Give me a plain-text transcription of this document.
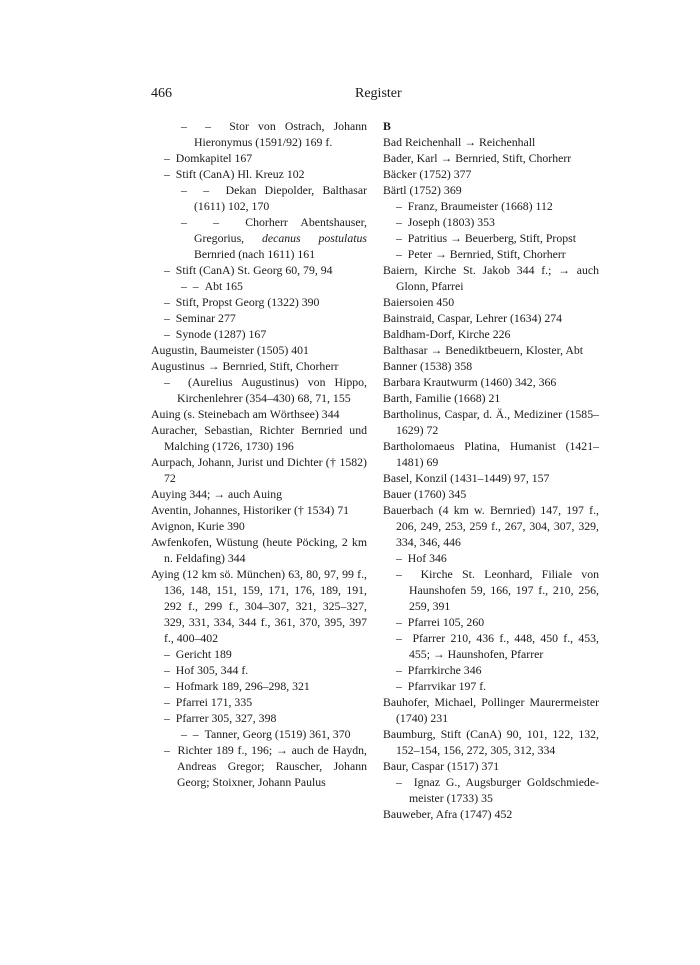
466	Register
–  –  Stor von Ostrach, Johann Hieronymus (1591/92) 169 f.
–  Domkapitel 167
–  Stift (CanA) Hl. Kreuz 102
–  –  Dekan Diepolder, Balthasar (1611) 102, 170
–  –  Chorherr Abentshauser, Gregorius, decanus postulatus Bernried (nach 1611) 161
–  Stift (CanA) St. Georg 60, 79, 94
–  –  Abt 165
–  Stift, Propst Georg (1322) 390
–  Seminar 277
–  Synode (1287) 167
Augustin, Baumeister (1505) 401
Augustinus → Bernried, Stift, Chorherr
–  (Aurelius Augustinus) von Hippo, Kirchenlehrer (354–430) 68, 71, 155
Auing (s. Steinebach am Wörthsee) 344
Auracher, Sebastian, Richter Bernried und Malching (1726, 1730) 196
Aurpach, Johann, Jurist und Dichter († 1582) 72
Auying 344; → auch Auing
Aventin, Johannes, Historiker († 1534) 71
Avignon, Kurie 390
Awfenkofen, Wüstung (heute Pöcking, 2 km n. Feldafing) 344
Aying (12 km sö. München) 63, 80, 97, 99 f., 136, 148, 151, 159, 171, 176, 189, 191, 292 f., 299 f., 304–307, 321, 325–327, 329, 331, 334, 344 f., 361, 370, 395, 397 f., 400–402
–  Gericht 189
–  Hof 305, 344 f.
–  Hofmark 189, 296–298, 321
–  Pfarrei 171, 335
–  Pfarrer 305, 327, 398
–  –  Tanner, Georg (1519) 361, 370
–  Richter 189 f., 196; → auch de Haydn, Andreas Gregor; Rauscher, Johann Georg; Stoixner, Johann Paulus
B
Bad Reichenhall → Reichenhall
Bader, Karl → Bernried, Stift, Chorherr
Bäcker (1752) 377
Bärtl (1752) 369
–  Franz, Braumeister (1668) 112
–  Joseph (1803) 353
–  Patritius → Beuerberg, Stift, Propst
–  Peter → Bernried, Stift, Chorherr
Baiern, Kirche St. Jakob 344 f.; → auch Glonn, Pfarrei
Baiersoien 450
Bainstraid, Caspar, Lehrer (1634) 274
Baldham-Dorf, Kirche 226
Balthasar → Benediktbeuern, Kloster, Abt
Banner (1538) 358
Barbara Krautwurm (1460) 342, 366
Barth, Familie (1668) 21
Bartholinus, Caspar, d. Ä., Mediziner (1585–1629) 72
Bartholomaeus Platina, Humanist (1421–1481) 69
Basel, Konzil (1431–1449) 97, 157
Bauer (1760) 345
Bauerbach (4 km w. Bernried) 147, 197 f., 206, 249, 253, 259 f., 267, 304, 307, 329, 334, 346, 446
–  Hof 346
–  Kirche St. Leonhard, Filiale von Haunshofen 59, 166, 197 f., 210, 256, 259, 391
–  Pfarrei 105, 260
–  Pfarrer 210, 436 f., 448, 450 f., 453, 455; → Haunshofen, Pfarrer
–  Pfarrkirche 346
–  Pfarrvikar 197 f.
Bauhofer, Michael, Pollinger Maurermeister (1740) 231
Baumburg, Stift (CanA) 90, 101, 122, 132, 152–154, 156, 272, 305, 312, 334
Baur, Caspar (1517) 371
–  Ignaz G., Augsburger Goldschmiedemeister (1733) 35
Bauweber, Afra (1747) 452
